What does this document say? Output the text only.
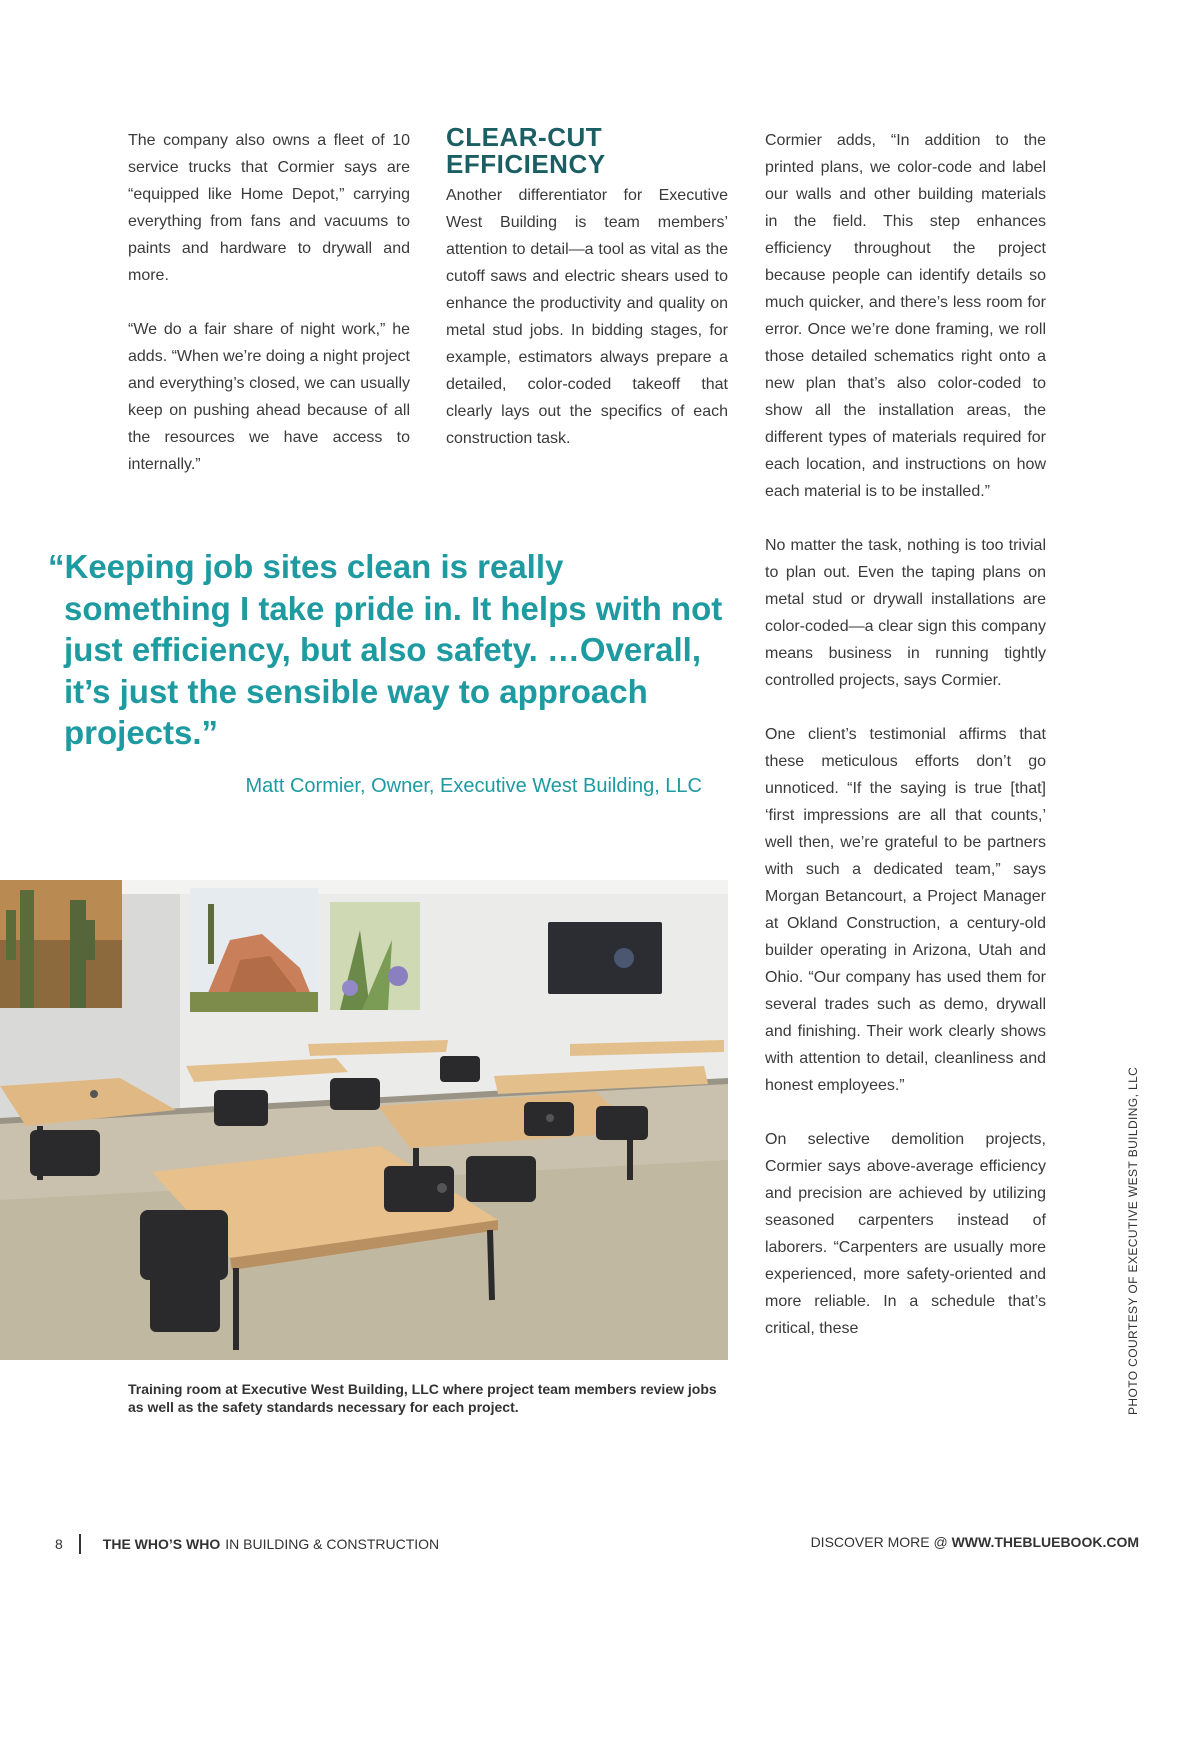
The company also owns a fleet of 10 service trucks that Cormier says are “equipped like Home Depot,” carrying everything from fans and vacuums to paints and hardware to drywall and more.

“We do a fair share of night work,” he adds. “When we’re doing a night project and everything’s closed, we can usually keep on pushing ahead because of all the resources we have access to internally.”

CLEAR-CUT EFFICIENCY
Another differentiator for Executive West Building is team members’ attention to detail—a tool as vital as the cutoff saws and electric shears used to enhance the productivity and quality on metal stud jobs. In bidding stages, for example, estimators always prepare a detailed, color-coded takeoff that clearly lays out the specifics of each construction task.

Cormier adds, “In addition to the printed plans, we color-code and label our walls and other building materials in the field. This step enhances efficiency throughout the project because people can identify details so much quicker, and there’s less room for error. Once we’re done framing, we roll those detailed schematics right onto a new plan that’s also color-coded to show all the installation areas, the different types of materials required for each location, and instructions on how each material is to be installed.”

No matter the task, nothing is too trivial to plan out. Even the taping plans on metal stud or drywall installations are color-coded—a clear sign this company means business in running tightly controlled projects, says Cormier.

One client’s testimonial affirms that these meticulous efforts don’t go unnoticed. “If the saying is true [that] ‘first impressions are all that counts,’ well then, we’re grateful to be partners with such a dedicated team,” says Morgan Betancourt, a Project Manager at Okland Construction, a century-old builder operating in Arizona, Utah and Ohio. “Our company has used them for several trades such as demo, drywall and finishing. Their work clearly shows with attention to detail, cleanliness and honest employees.”

On selective demolition projects, Cormier says above-average efficiency and precision are achieved by utilizing seasoned carpenters instead of laborers. “Carpenters are usually more experienced, more safety-oriented and more reliable. In a schedule that’s critical, these

“Keeping job sites clean is really something I take pride in. It helps with not just efficiency, but also safety. …Overall, it’s just the sensible way to approach projects.”
Matt Cormier, Owner, Executive West Building, LLC
Training room at Executive West Building, LLC where project team members review jobs as well as the safety standards necessary for each project.	PHOTO COURTESY OF EXECUTIVE WEST BUILDING, LLC
8	THE WHO’S WHO IN BUILDING & CONSTRUCTION	DISCOVER MORE @ WWW.THEBLUEBOOK.COM
